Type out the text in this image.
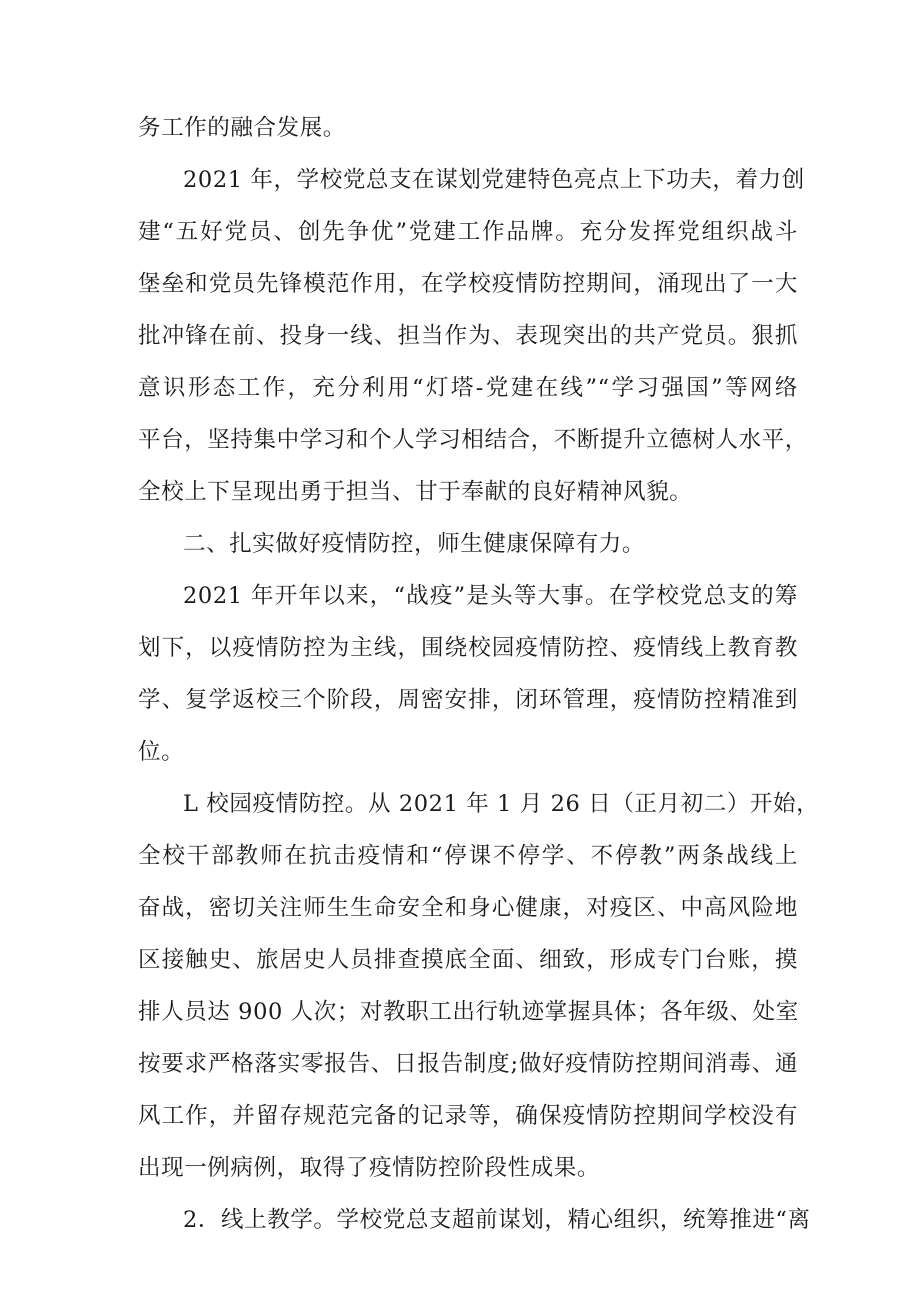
务工作的融合发展。
2021 年，学校党总支在谋划党建特色亮点上下功夫，着力创
建“五好党员、创先争优”党建工作品牌。充分发挥党组织战斗
堡垒和党员先锋模范作用，在学校疫情防控期间，涌现出了一大
批冲锋在前、投身一线、担当作为、表现突出的共产党员。狠抓
意识形态工作，充分利用“灯塔-党建在线”“学习强国”等网络
平台，坚持集中学习和个人学习相结合，不断提升立德树人水平，
全校上下呈现出勇于担当、甘于奉献的良好精神风貌。
二、扎实做好疫情防控，师生健康保障有力。
2021 年开年以来，“战疫”是头等大事。在学校党总支的筹
划下，以疫情防控为主线，围绕校园疫情防控、疫情线上教育教
学、复学返校三个阶段，周密安排，闭环管理，疫情防控精准到
位。
L 校园疫情防控。从 2021 年 1 月 26 日（正月初二）开始，
全校干部教师在抗击疫情和“停课不停学、不停教”两条战线上
奋战，密切关注师生生命安全和身心健康，对疫区、中高风险地
区接触史、旅居史人员排查摸底全面、细致，形成专门台账，摸
排人员达 900 人次；对教职工出行轨迹掌握具体；各年级、处室
按要求严格落实零报告、日报告制度;做好疫情防控期间消毒、通
风工作，并留存规范完备的记录等，确保疫情防控期间学校没有
出现一例病例，取得了疫情防控阶段性成果。
2．线上教学。学校党总支超前谋划，精心组织，统筹推进“离
